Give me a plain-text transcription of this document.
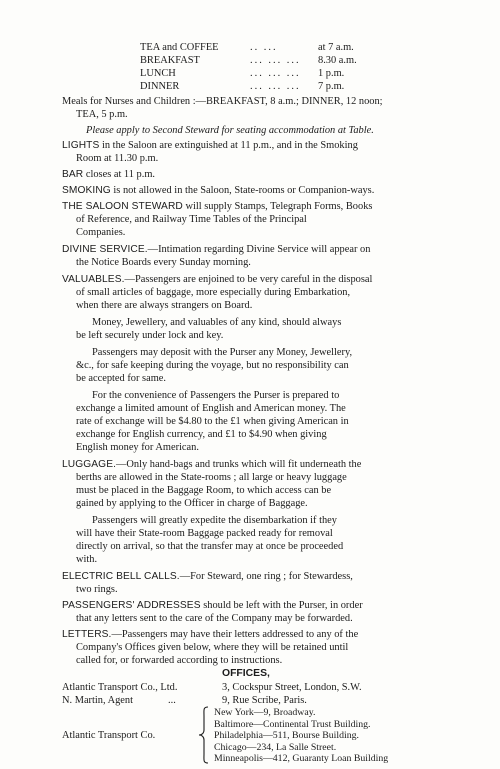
TEA and COFFEE	.. ...	at 7 a.m.
BREAKFAST	... ... ... 8.30 a.m.
LUNCH	... ... ... 1 p.m.
DINNER	... ... ... 7 p.m.
Meals for Nurses and Children :—BREAKFAST, 8 a.m.; DINNER, 12 noon;
TEA, 5 p.m.
Please apply to Second Steward for seating accommodation at Table.
LIGHTS in the Saloon are extinguished at 11 p.m., and in the Smoking
Room at 11.30 p.m.
BAR closes at 11 p.m.
SMOKING is not allowed in the Saloon, State-rooms or Companion-ways.
THE SALOON STEWARD will supply Stamps, Telegraph Forms, Books
of Reference, and Railway Time Tables of the Principal
Companies.
DIVINE SERVICE.—Intimation regarding Divine Service will appear on
the Notice Boards every Sunday morning.
VALUABLES.—Passengers are enjoined to be very careful in the disposal
of small articles of baggage, more especially during Embarkation,
when there are always strangers on Board.
Money, Jewellery, and valuables of any kind, should always
be left securely under lock and key.
Passengers may deposit with the Purser any Money, Jewellery,
&c., for safe keeping during the voyage, but no responsibility can
be accepted for same.
For the convenience of Passengers the Purser is prepared to
exchange a limited amount of English and American money. The
rate of exchange will be $4.80 to the £1 when giving American in
exchange for English currency, and £1 to $4.90 when giving
English money for American.
LUGGAGE.—Only hand-bags and trunks which will fit underneath the
berths are allowed in the State-rooms ; all large or heavy luggage
must be placed in the Baggage Room, to which access can be
gained by applying to the Officer in charge of Baggage.
Passengers will greatly expedite the disembarkation if they
will have their State-room Baggage packed ready for removal
directly on arrival, so that the transfer may at once be proceeded
with.
ELECTRIC BELL CALLS.—For Steward, one ring ; for Stewardess,
two rings.
PASSENGERS' ADDRESSES should be left with the Purser, in order
that any letters sent to the care of the Company may be forwarded.
LETTERS.—Passengers may have their letters addressed to any of the
Company's Offices given below, where they will be retained until
called for, or forwarded according to instructions.
OFFICES,
Atlantic Transport Co., Ltd.	3, Cockspur Street, London, S.W.
N. Martin, Agent	...	9, Rue Scribe, Paris.
Atlantic Transport Co.
New York—9, Broadway.
Baltimore—Continental Trust Building.
Philadelphia—511, Bourse Building.
Chicago—234, La Salle Street.
Minneapolis—412, Guaranty Loan Building
